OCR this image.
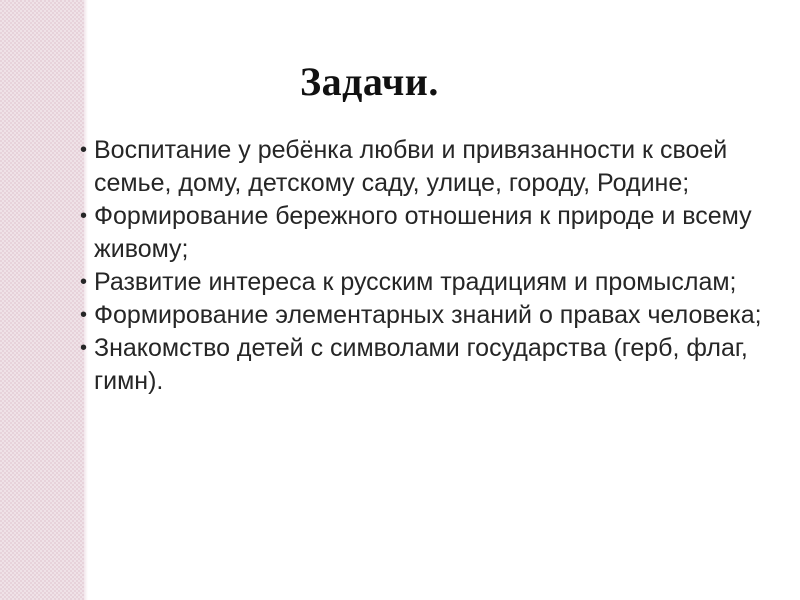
Задачи.
• Воспитание у ребёнка любви и привязанности к своей семье, дому, детскому саду, улице, городу, Родине;
• Формирование бережного отношения к природе и всему живому;
• Развитие интереса к русским традициям и промыслам;
• Формирование элементарных знаний о правах человека;
• Знакомство детей с символами государства (герб, флаг, гимн).
